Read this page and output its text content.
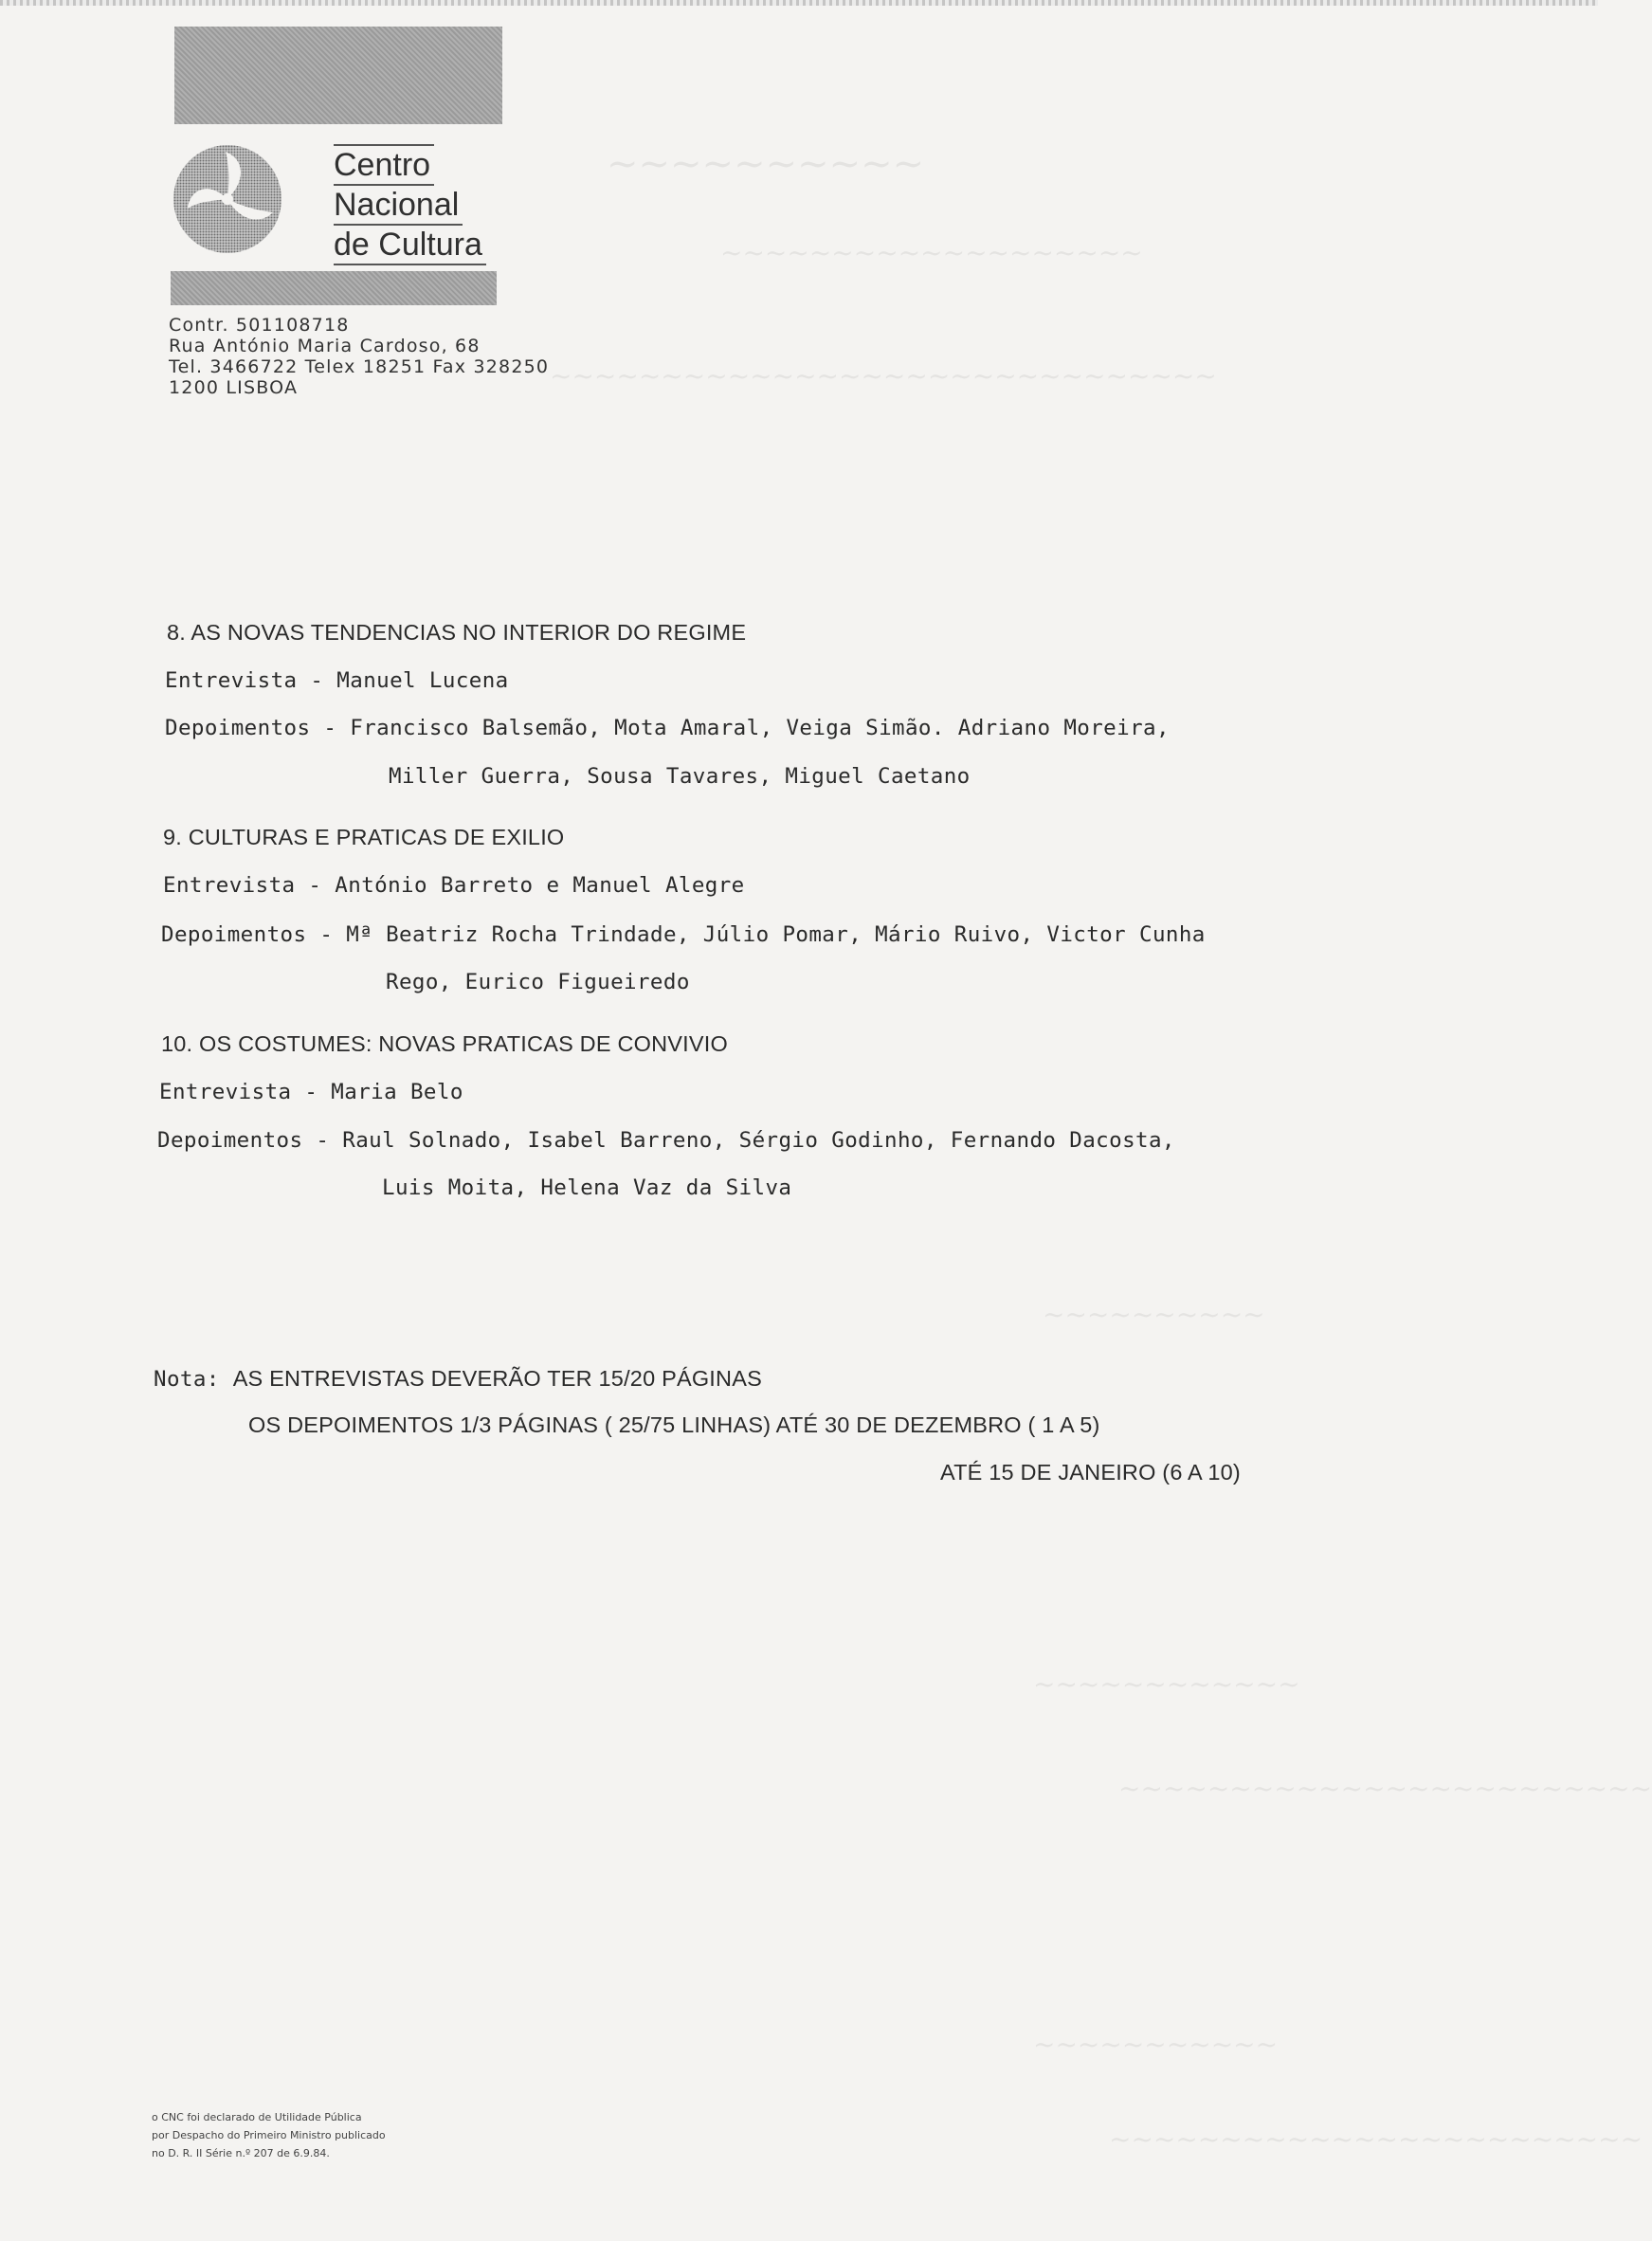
~~~~~~~~~~
~~~~~~~~~~~~~~~~~~~
~~~~~~~~~~~~~~~~~~~~~~~~~~~~~~
~~~~~~~~~~
~~~~~~~~~~~~
~~~~~~~~~~~~~~~~~~~~~~~~
~~~~~~~~~~~
~~~~~~~~~~~~~~~~~~~~~~~~
Centro
Nacional
de Cultura
Contr. 501108718
Rua António Maria Cardoso, 68
Tel. 3466722 Telex 18251 Fax 328250
1200 LISBOA
8. AS NOVAS TENDENCIAS NO INTERIOR DO REGIME
Entrevista - Manuel Lucena
Depoimentos - Francisco Balsemão, Mota Amaral, Veiga Simão. Adriano Moreira,
Miller Guerra, Sousa Tavares, Miguel Caetano
9. CULTURAS E PRATICAS DE EXILIO
Entrevista - António Barreto e Manuel Alegre
Depoimentos - Mª Beatriz Rocha Trindade, Júlio Pomar, Mário Ruivo, Victor Cunha
Rego, Eurico Figueiredo
10. OS COSTUMES: NOVAS PRATICAS DE CONVIVIO
Entrevista - Maria Belo
Depoimentos - Raul Solnado, Isabel Barreno, Sérgio Godinho, Fernando Dacosta,
Luis Moita, Helena Vaz da Silva
Nota: AS ENTREVISTAS DEVERÃO TER 15/20 PÁGINAS
OS DEPOIMENTOS 1/3 PÁGINAS ( 25/75 LINHAS) ATÉ 30 DE DEZEMBRO ( 1 A 5)
ATÉ 15 DE JANEIRO (6 A 10)
o CNC foi declarado de Utilidade Pública
por Despacho do Primeiro Ministro publicado
no D. R. II Série n.º 207 de 6.9.84.
